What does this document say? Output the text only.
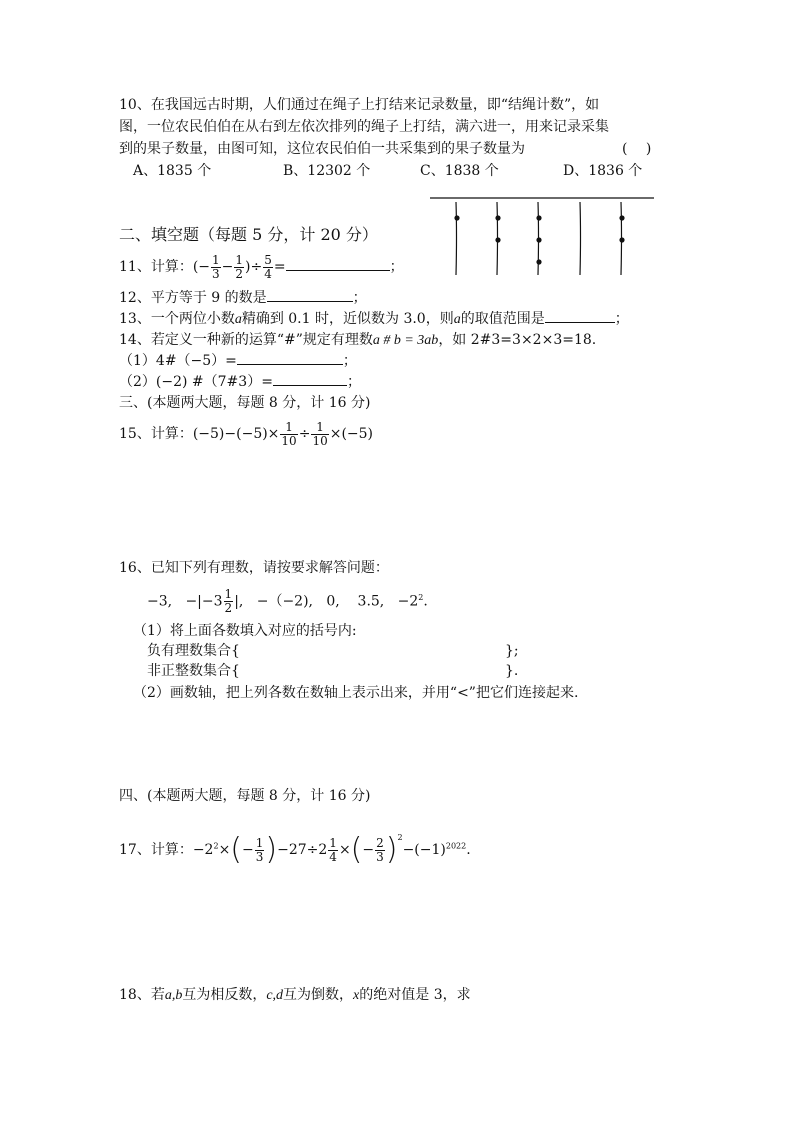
10、在我国远古时期，人们通过在绳子上打结来记录数量，即“结绳计数”，如
图，一位农民伯伯在从右到左依次排列的绳子上打结，满六进一，用来记录采集
到的果子数量，由图可知，这位农民伯伯一共采集到的果子数量为	(　 )
A、1835 个	B、12302 个	C、1838 个	D、1836 个
二、填空题（每题 5 分，计 20 分）
11、计算：(− $\frac{1}{3} - \frac{1}{2}$ )÷ $\frac{5}{4}$ =	；
12、平方等于 9 的数是	；
13、一个两位小数a精确到 0.1 时，近似数为 3.0，则a的取值范围是	；
14、若定义一种新的运算“#”规定有理数a # b = 3ab，如 2#3=3×2×3=18.
（1）4#（−5）=	；
（2）(−2) #（7#3）=	；
三、(本题两大题，每题 8 分，计 16 分)
15、计算：$(-5)-(-5)\times \frac{1}{10} \div \frac{1}{10} \times(-5)$
16、已知下列有理数，请按要求解答问题：
−3, $-|-3 \frac{1}{2}$ |, −（−2), 0, 3.5, $-2^2$.
（1）将上面各数填入对应的括号内:
负有理数集合{	};
非正整数集合{	}.
（2）画数轴，把上列各数在数轴上表示出来，并用“<”把它们连接起来.
四、(本题两大题，每题 8 分，计 16 分)
17、计算：$-2^2\times(- \frac{1}{3} )-27\div 2 \frac{1}{4}$ ×(− $\frac{2}{3} )^2-(-1)^{2022}$.
18、若a,b互为相反数，c,d互为倒数，x的绝对值是 3，求
